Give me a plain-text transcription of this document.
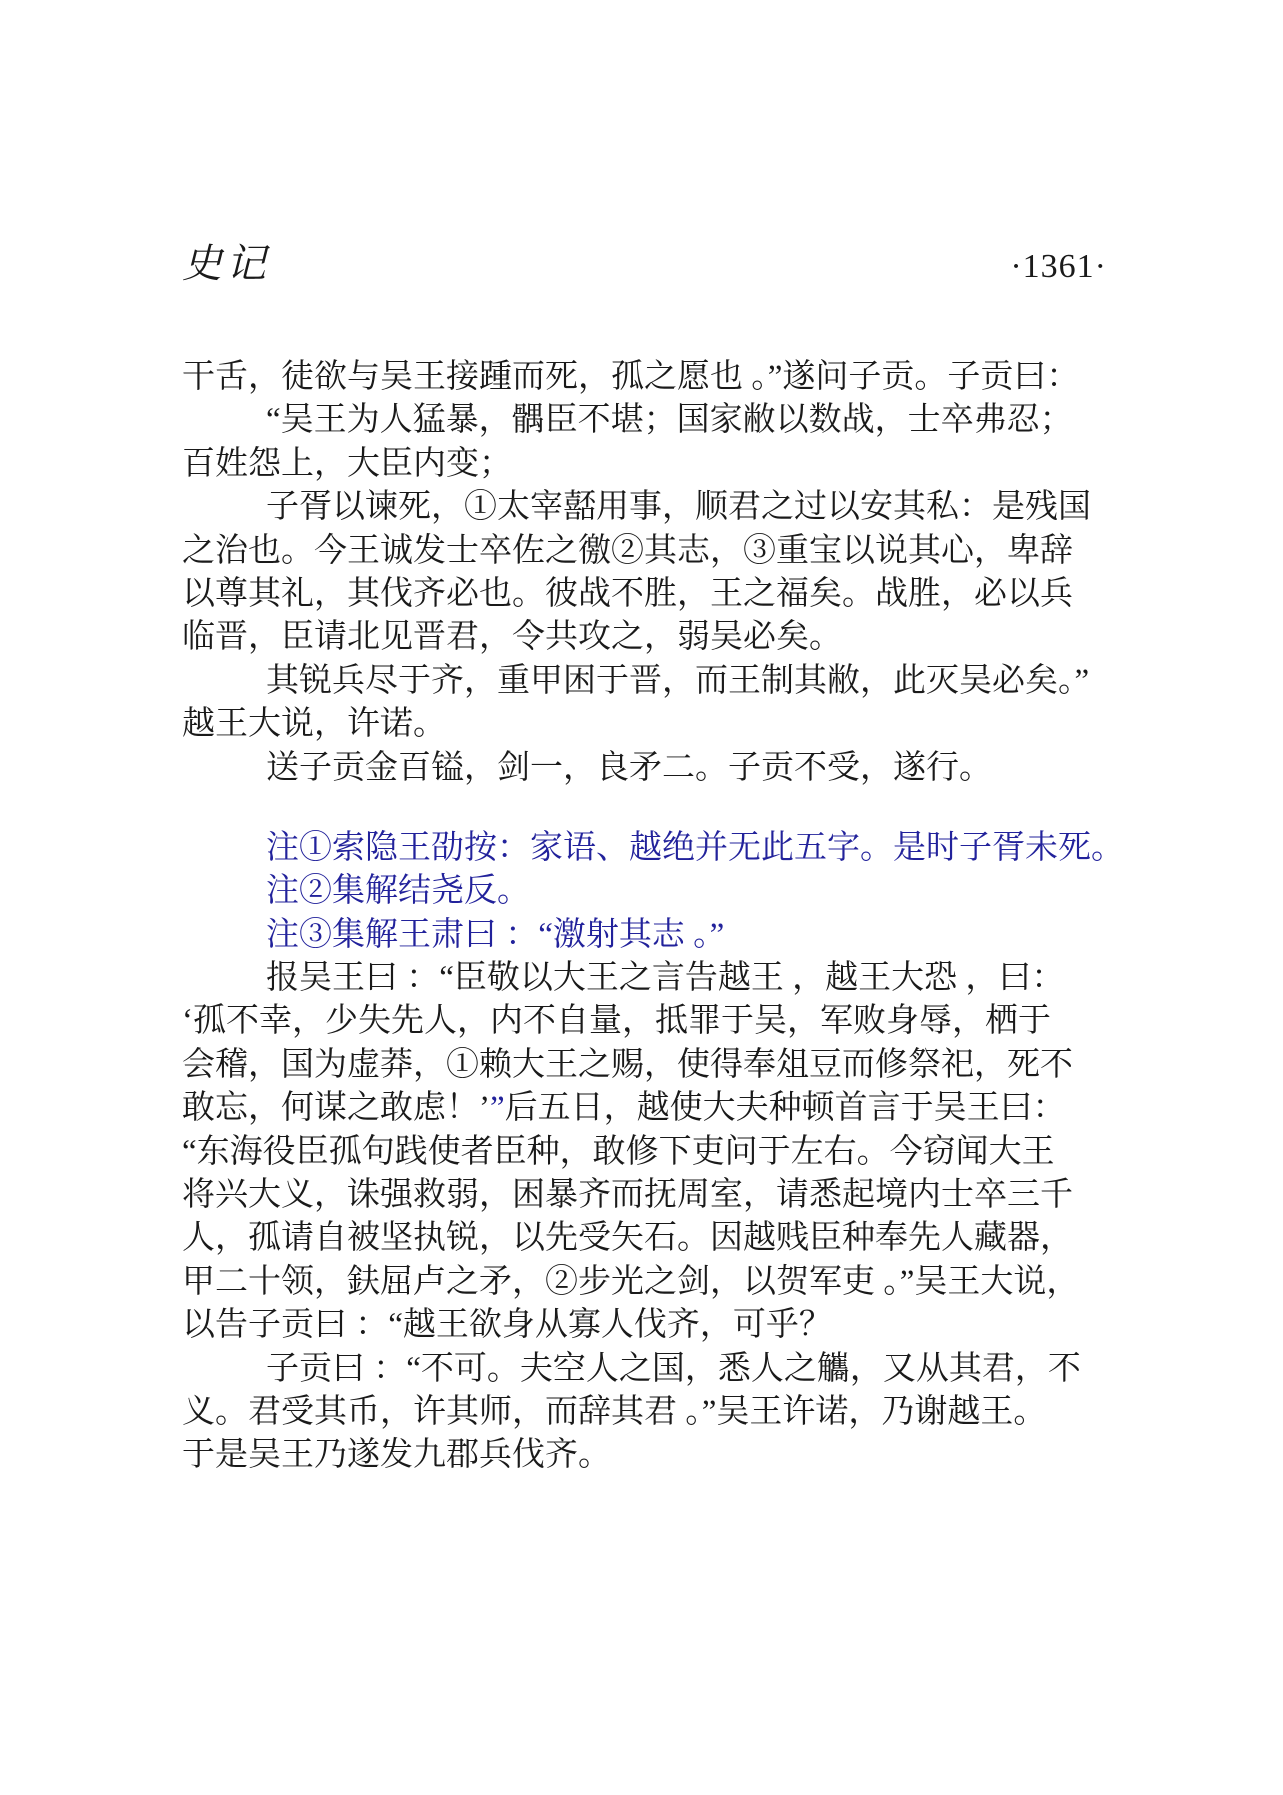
史记	·1361·
干舌，徒欲与吴王接踵而死，孤之愿也 。”遂问子贡。子贡曰：
“吴王为人猛暴，髃臣不堪；国家敝以数战，士卒弗忍；
百姓怨上，大臣内变；
子胥以谏死，①太宰嚭用事，顺君之过以安其私：是残国
之治也。今王诚发士卒佐之徼②其志，③重宝以说其心，卑辞
以尊其礼，其伐齐必也。彼战不胜，王之福矣。战胜，必以兵
临晋，臣请北见晋君，令共攻之，弱吴必矣。
其锐兵尽于齐，重甲困于晋，而王制其敝，此灭吴必矣。”
越王大说，许诺。
送子贡金百镒，剑一，良矛二。子贡不受，遂行。
注①索隐王劭按：家语、越绝并无此五字。是时子胥未死。
注②集解结尧反。
注③集解王肃曰 ：“激射其志 。”
报吴王曰 ：“臣敬以大王之言告越王 ，越王大恐 ，曰：
‘孤不幸，少失先人，内不自量，抵罪于吴，军败身辱，栖于
会稽，国为虚莽，①赖大王之赐，使得奉俎豆而修祭祀，死不
敢忘，何谋之敢虑！’”后五日，越使大夫种顿首言于吴王曰：
“东海役臣孤句践使者臣种，敢修下吏问于左右。今窃闻大王
将兴大义，诛强救弱，困暴齐而抚周室，请悉起境内士卒三千
人，孤请自被坚执锐，以先受矢石。因越贱臣种奉先人藏器，
甲二十领，鈇屈卢之矛，②步光之剑，以贺军吏 。”吴王大说，
以告子贡曰 ：“越王欲身从寡人伐齐，可乎？
子贡曰 ：“不可。夫空人之国，悉人之觿，又从其君，不
义。君受其币，许其师，而辞其君 。”吴王许诺，乃谢越王。
于是吴王乃遂发九郡兵伐齐。
